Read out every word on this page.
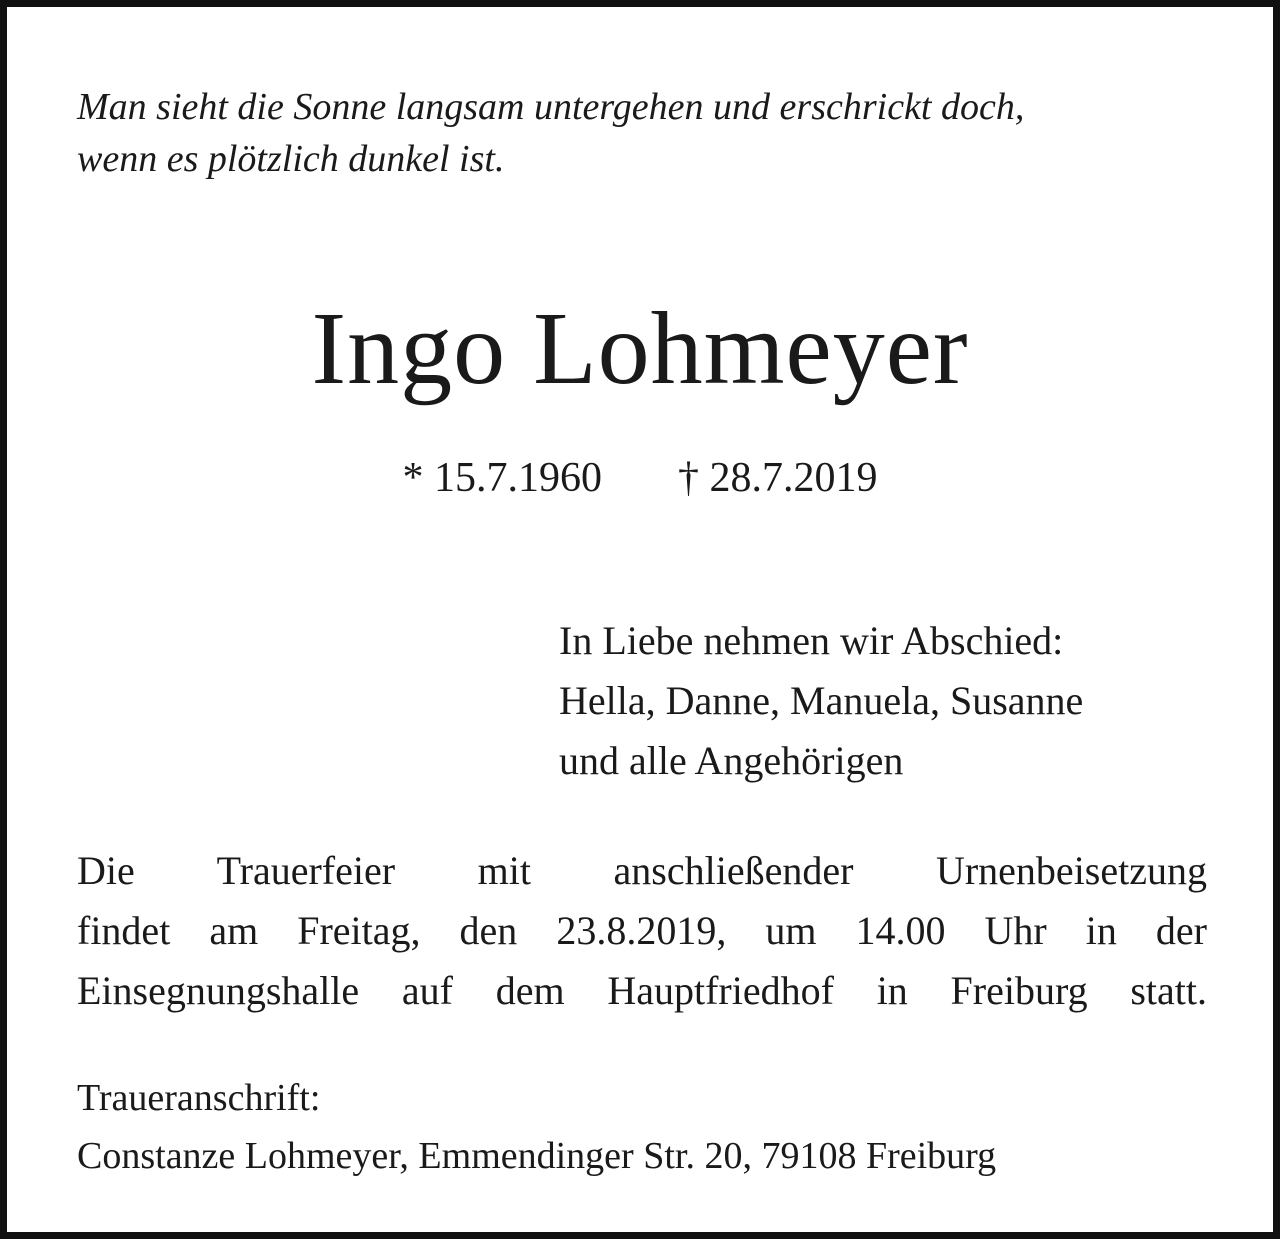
Man sieht die Sonne langsam untergehen und erschrickt doch,
wenn es plötzlich dunkel ist.
Ingo Lohmeyer
* 15.7.1960 † 28.7.2019
In Liebe nehmen wir Abschied:
Hella, Danne, Manuela, Susanne
und alle Angehörigen
Die Trauerfeier mit anschließender Urnenbeisetzung
findet am Freitag, den 23.8.2019, um 14.00 Uhr in der
Einsegnungshalle auf dem Hauptfriedhof in Freiburg statt.
Traueranschrift:
Constanze Lohmeyer, Emmendinger Str. 20, 79108 Freiburg
